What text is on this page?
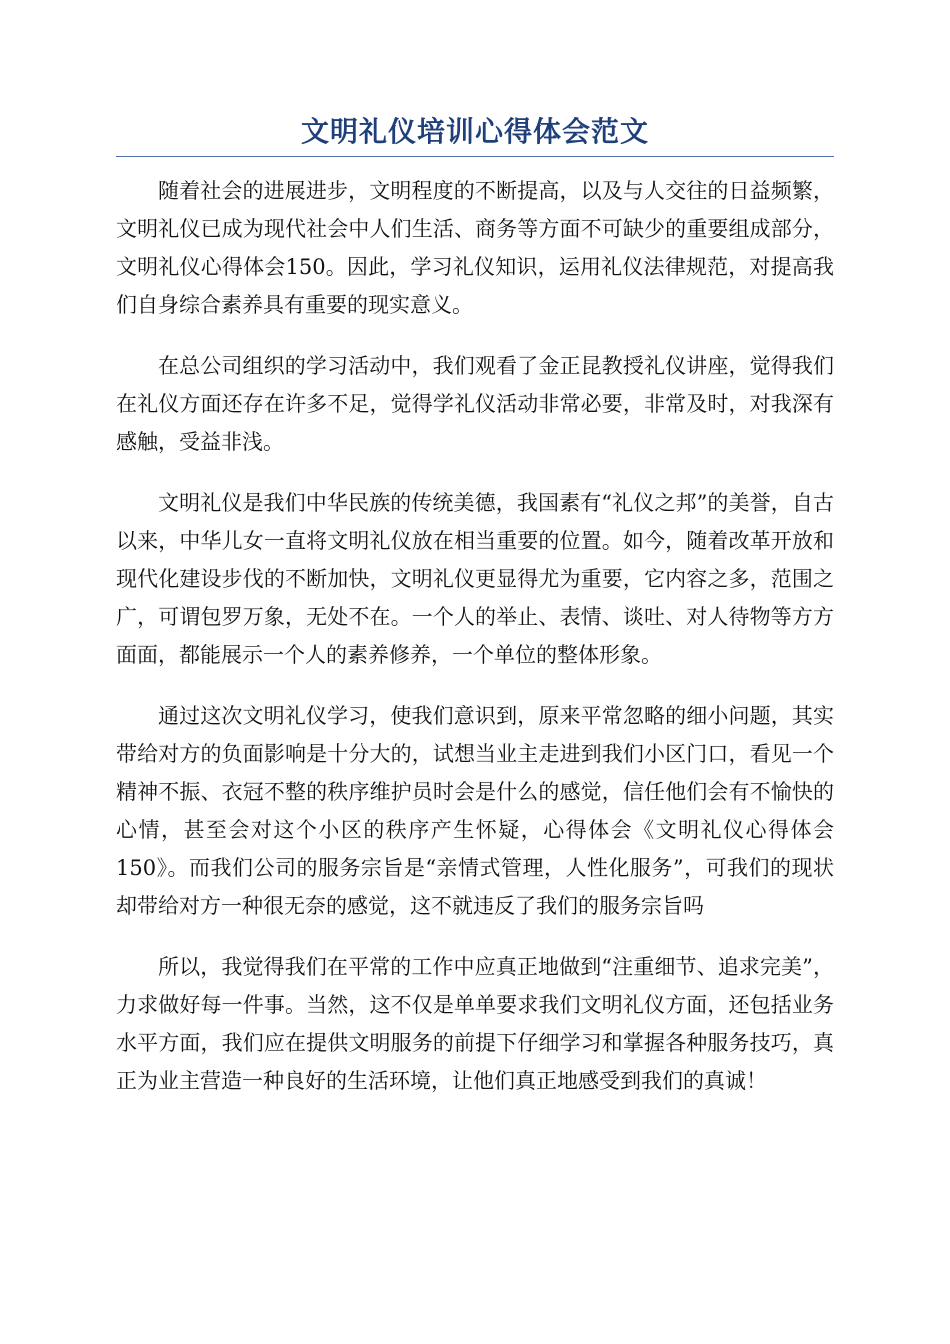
文明礼仪培训心得体会范文

随着社会的进展进步，文明程度的不断提高，以及与人交往的日益频繁，文明礼仪已成为现代社会中人们生活、商务等方面不可缺少的重要组成部分，文明礼仪心得体会150。因此，学习礼仪知识，运用礼仪法律规范，对提高我们自身综合素养具有重要的现实意义。

在总公司组织的学习活动中，我们观看了金正昆教授礼仪讲座，觉得我们在礼仪方面还存在许多不足，觉得学礼仪活动非常必要，非常及时，对我深有感触，受益非浅。

文明礼仪是我们中华民族的传统美德，我国素有“礼仪之邦”的美誉，自古以来，中华儿女一直将文明礼仪放在相当重要的位置。如今，随着改革开放和现代化建设步伐的不断加快，文明礼仪更显得尤为重要，它内容之多，范围之广，可谓包罗万象，无处不在。一个人的举止、表情、谈吐、对人待物等方方面面，都能展示一个人的素养修养，一个单位的整体形象。

通过这次文明礼仪学习，使我们意识到，原来平常忽略的细小问题，其实带给对方的负面影响是十分大的，试想当业主走进到我们小区门口，看见一个精神不振、衣冠不整的秩序维护员时会是什么的感觉，信任他们会有不愉快的心情，甚至会对这个小区的秩序产生怀疑，心得体会《文明礼仪心得体会150》。而我们公司的服务宗旨是“亲情式管理，人性化服务”，可我们的现状却带给对方一种很无奈的感觉，这不就违反了我们的服务宗旨吗

所以，我觉得我们在平常的工作中应真正地做到“注重细节、追求完美”，力求做好每一件事。当然，这不仅是单单要求我们文明礼仪方面，还包括业务水平方面，我们应在提供文明服务的前提下仔细学习和掌握各种服务技巧，真正为业主营造一种良好的生活环境，让他们真正地感受到我们的真诚！
